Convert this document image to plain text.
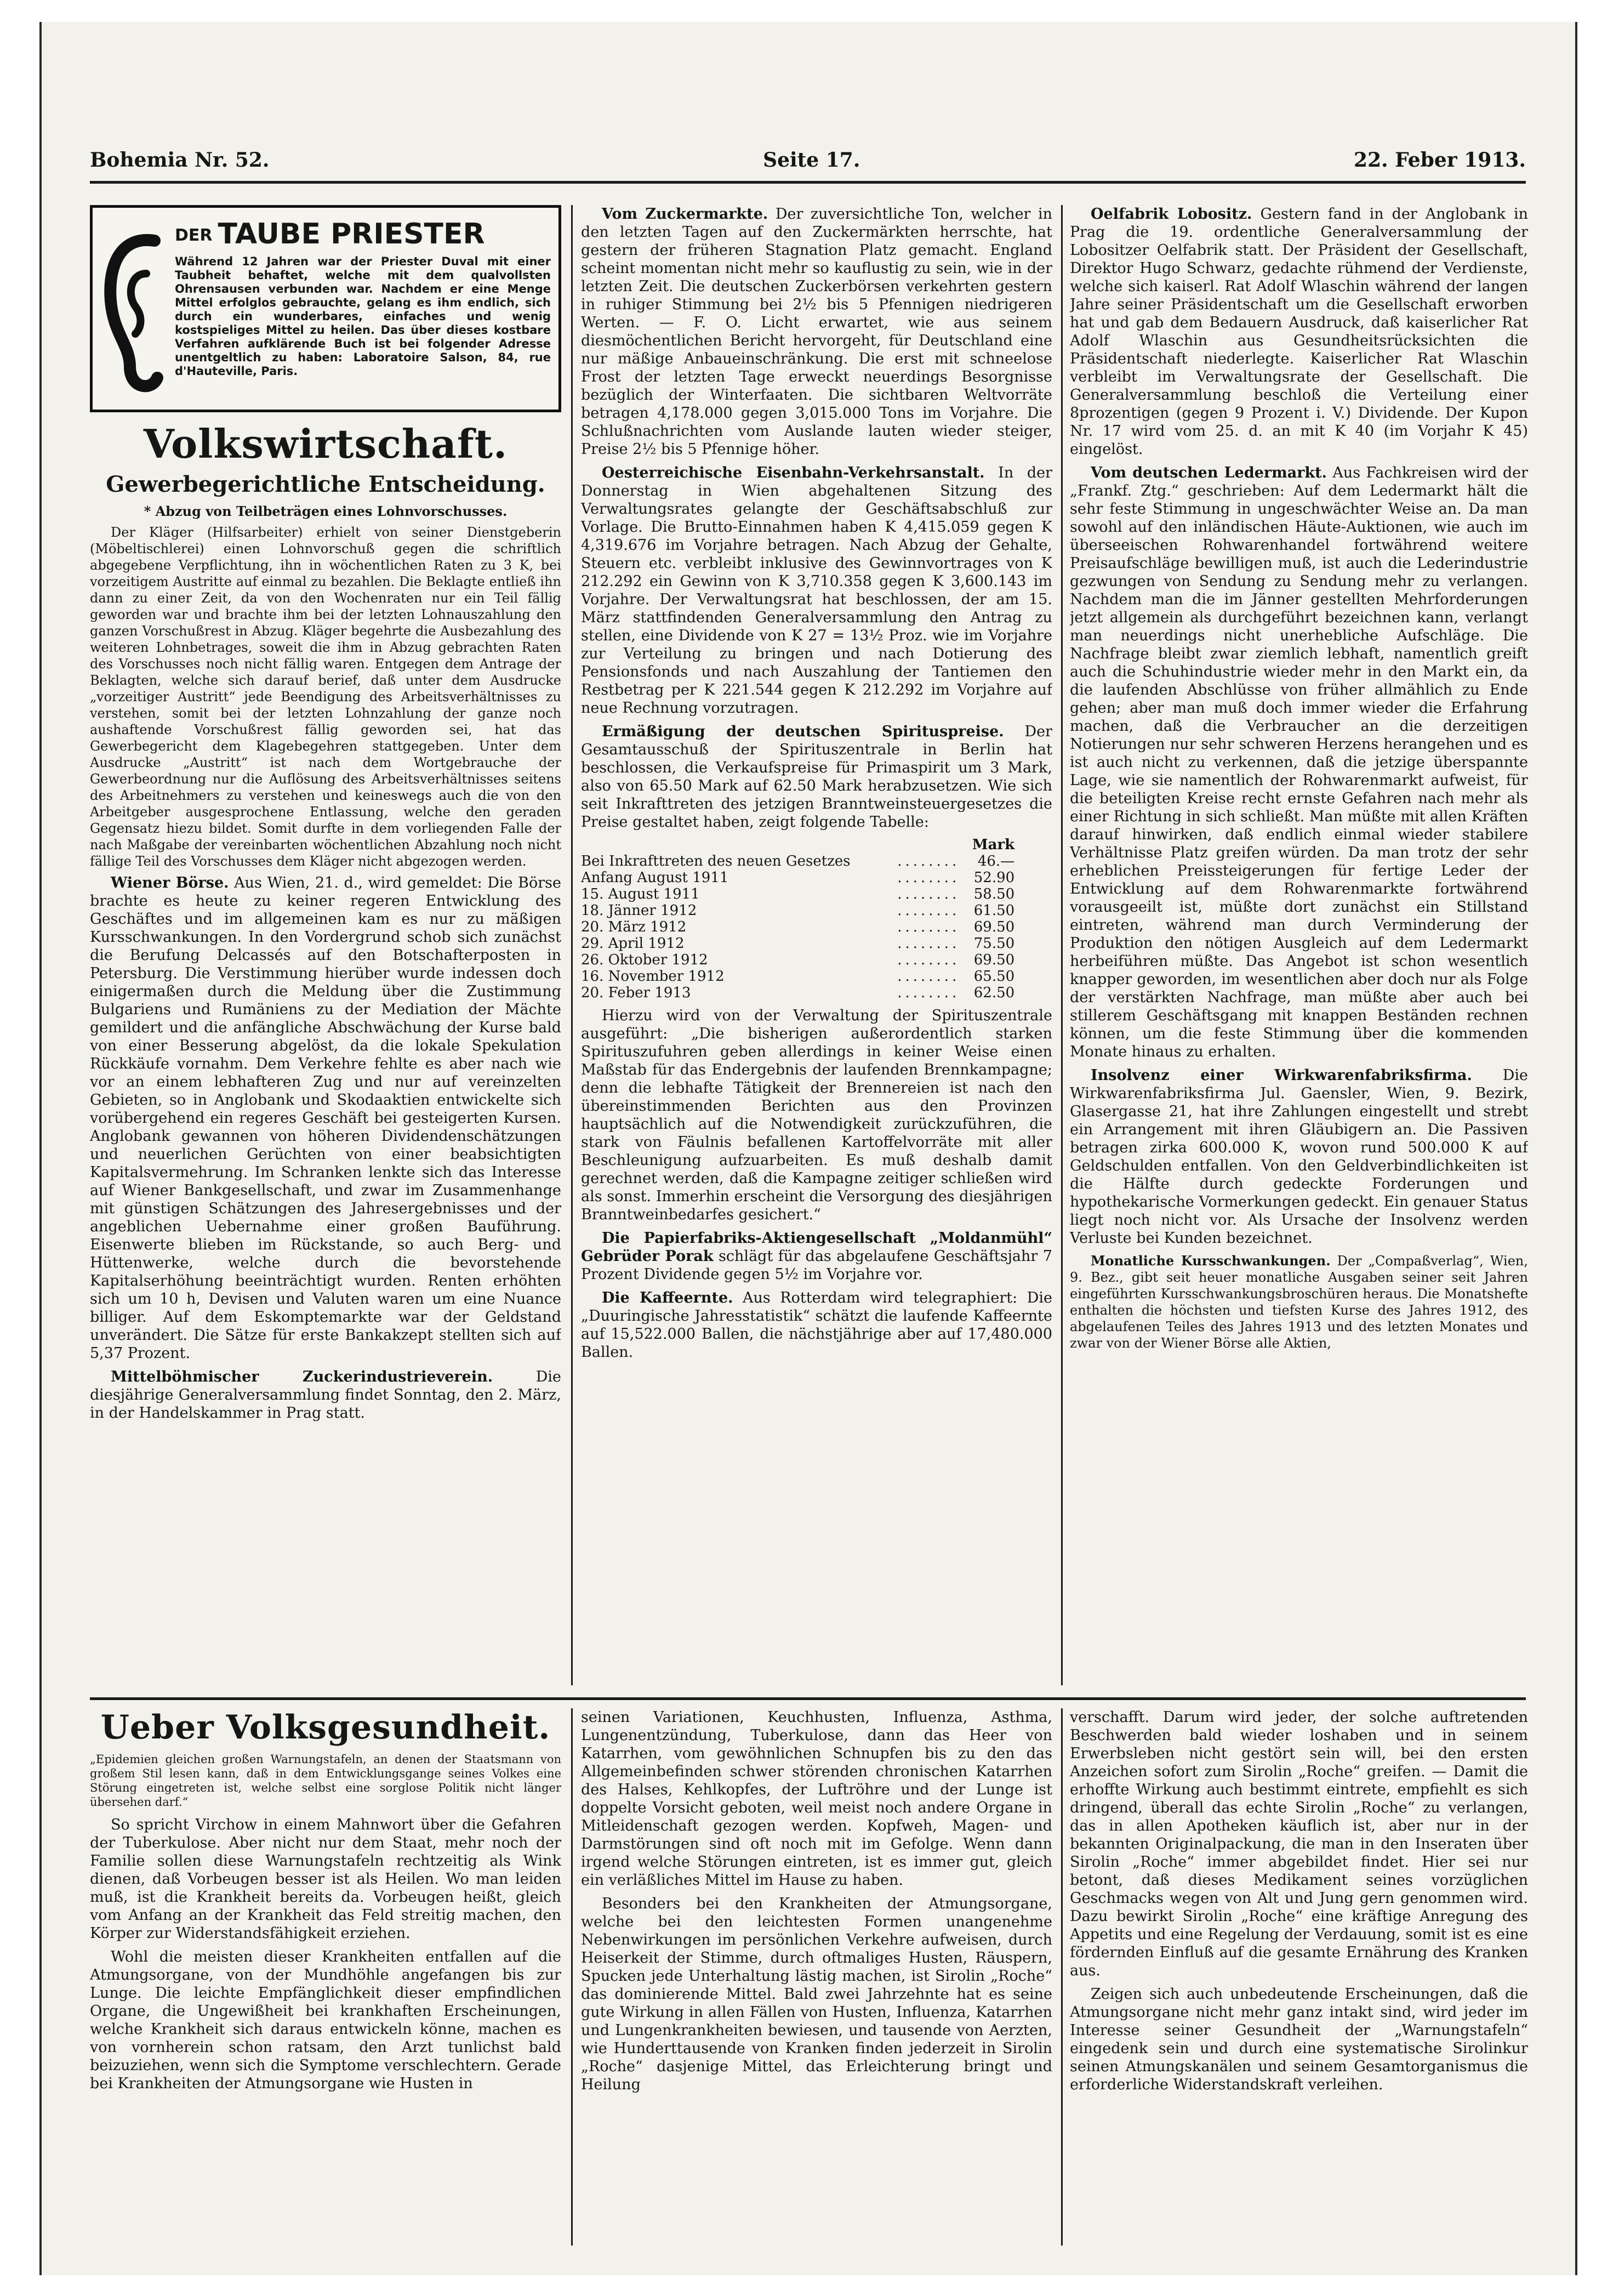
Bohemia Nr. 52.	Seite 17.	22. Feber 1913.
DER TAUBE PRIESTER
Während 12 Jahren war der Priester Duval mit einer Taubheit behaftet, welche mit dem qualvollsten Ohrensausen verbunden war. Nachdem er eine Menge Mittel erfolglos gebrauchte, gelang es ihm endlich, sich durch ein wunderbares, einfaches und wenig kostspieliges Mittel zu heilen. Das über dieses kostbare Verfahren aufklärende Buch ist bei folgender Adresse unentgeltlich zu haben: Laboratoire Salson, 84, rue d'Hauteville, Paris.
Volkswirtschaft.
Gewerbegerichtliche Entscheidung.

* Abzug von Teilbeträgen eines Lohnvorschusses.

Der Kläger (Hilfsarbeiter) erhielt von seiner Dienstgeberin (Möbeltischlerei) einen Lohnvorschuß gegen die schriftlich abgegebene Verpflichtung, ihn in wöchentlichen Raten zu 3 K, bei vorzeitigem Austritte auf einmal zu bezahlen. Die Beklagte entließ ihn dann zu einer Zeit, da von den Wochenraten nur ein Teil fällig geworden war und brachte ihm bei der letzten Lohnauszahlung den ganzen Vorschußrest in Abzug. Kläger begehrte die Ausbezahlung des weiteren Lohnbetrages, soweit die ihm in Abzug gebrachten Raten des Vorschusses noch nicht fällig waren. Entgegen dem Antrage der Beklagten, welche sich darauf berief, daß unter dem Ausdrucke „vorzeitiger Austritt“ jede Beendigung des Arbeitsverhältnisses zu verstehen, somit bei der letzten Lohnzahlung der ganze noch aushaftende Vorschußrest fällig geworden sei, hat das Gewerbegericht dem Klagebegehren stattgegeben. Unter dem Ausdrucke „Austritt“ ist nach dem Wortgebrauche der Gewerbeordnung nur die Auflösung des Arbeitsverhältnisses seitens des Arbeitnehmers zu verstehen und keineswegs auch die von den Arbeitgeber ausgesprochene Entlassung, welche den geraden Gegensatz hiezu bildet. Somit durfte in dem vorliegenden Falle der nach Maßgabe der vereinbarten wöchentlichen Abzahlung noch nicht fällige Teil des Vorschusses dem Kläger nicht abgezogen werden.

Wiener Börse. Aus Wien, 21. d., wird gemeldet: Die Börse brachte es heute zu keiner regeren Entwicklung des Geschäftes und im allgemeinen kam es nur zu mäßigen Kursschwankungen. In den Vordergrund schob sich zunächst die Berufung Delcassés auf den Botschafterposten in Petersburg. Die Verstimmung hierüber wurde indessen doch einigermaßen durch die Meldung über die Zustimmung Bulgariens und Rumäniens zu der Mediation der Mächte gemildert und die anfängliche Abschwächung der Kurse bald von einer Besserung abgelöst, da die lokale Spekulation Rückkäufe vornahm. Dem Verkehre fehlte es aber nach wie vor an einem lebhafteren Zug und nur auf vereinzelten Gebieten, so in Anglobank und Skodaaktien entwickelte sich vorübergehend ein regeres Geschäft bei gesteigerten Kursen. Anglobank gewannen von höheren Dividendenschätzungen und neuerlichen Gerüchten von einer beabsichtigten Kapitalsvermehrung. Im Schranken lenkte sich das Interesse auf Wiener Bankgesellschaft, und zwar im Zusammenhange mit günstigen Schätzungen des Jahresergebnisses und der angeblichen Uebernahme einer großen Bauführung. Eisenwerte blieben im Rückstande, so auch Berg- und Hüttenwerke, welche durch die bevorstehende Kapitalserhöhung beeinträchtigt wurden. Renten erhöhten sich um 10 h, Devisen und Valuten waren um eine Nuance billiger. Auf dem Eskomptemarkte war der Geldstand unverändert. Die Sätze für erste Bankakzept stellten sich auf 5,37 Prozent.

Mittelböhmischer Zuckerindustrieverein.	Die diesjährige Generalversammlung findet Sonntag, den 2. März, in der Handelskammer in Prag statt.

Vom Zuckermarkte. Der zuversichtliche Ton, welcher in den letzten Tagen auf den Zuckermärkten herrschte, hat gestern der früheren Stagnation Platz gemacht. England scheint momentan nicht mehr so kauflustig zu sein, wie in der letzten Zeit. Die deutschen Zuckerbörsen verkehrten gestern in ruhiger Stimmung bei 2½ bis 5 Pfennigen niedrigeren Werten. — F. O. Licht erwartet, wie aus seinem diesmöchentlichen Bericht hervorgeht, für Deutschland eine nur mäßige Anbaueinschränkung. Die erst mit schneelose Frost der letzten Tage erweckt neuerdings Besorgnisse bezüglich der Winterfaaten. Die sichtbaren Weltvorräte betragen 4,178.000 gegen 3,015.000 Tons im Vorjahre. Die Schlußnachrichten vom Auslande lauten wieder steiger, Preise 2½ bis 5 Pfennige höher.

Oesterreichische Eisenbahn-Verkehrsanstalt. In der Donnerstag in Wien abgehaltenen Sitzung des Verwaltungsrates gelangte der Geschäftsabschluß zur Vorlage. Die Brutto-Einnahmen haben K 4,415.059 gegen K 4,319.676 im Vorjahre betragen. Nach Abzug der Gehalte, Steuern etc. verbleibt inklusive des Gewinnvortrages von K 212.292 ein Gewinn von K 3,710.358 gegen K 3,600.143 im Vorjahre. Der Verwaltungsrat hat beschlossen, der am 15. März stattfindenden Generalversammlung den Antrag zu stellen, eine Dividende von K 27 = 13½ Proz. wie im Vorjahre zur Verteilung zu bringen und nach Dotierung des Pensionsfonds und nach Auszahlung der Tantiemen den Restbetrag per K 221.544 gegen K 212.292 im Vorjahre auf neue Rechnung vorzutragen.

Ermäßigung der deutschen Spirituspreise. Der Gesamtausschuß der Spirituszentrale in Berlin hat beschlossen, die Verkaufspreise für Primaspirit um 3 Mark, also von 65.50 Mark auf 62.50 Mark herabzusetzen. Wie sich seit Inkrafttreten des jetzigen Branntweinsteuergesetzes die Preise gestaltet haben, zeigt folgende Tabelle:

		Mark
Bei Inkrafttreten des neuen Gesetzes	........	46.—
Anfang August 1911	........	52.90
15. August 1911	........	58.50
18. Jänner 1912	........	61.50
20. März 1912	........	69.50
29. April 1912	........	75.50
26. Oktober 1912	........	69.50
16. November 1912	........	65.50
20. Feber 1913	........	62.50

Hierzu wird von der Verwaltung der Spirituszentrale ausgeführt: „Die bisherigen außerordentlich starken Spirituszufuhren geben allerdings in keiner Weise einen Maßstab für das Endergebnis der laufenden Brennkampagne; denn die lebhafte Tätigkeit der Brennereien ist nach den übereinstimmenden Berichten aus den Provinzen hauptsächlich auf die Notwendigkeit zurückzuführen, die stark von Fäulnis befallenen Kartoffelvorräte mit aller Beschleunigung aufzuarbeiten. Es muß deshalb damit gerechnet werden, daß die Kampagne zeitiger schließen wird als sonst. Immerhin erscheint die Versorgung des diesjährigen Branntweinbedarfes gesichert.“

Die Papierfabriks-Aktiengesellschaft „Moldanmühl“ Gebrüder Porak schlägt für das abgelaufene Geschäftsjahr 7 Prozent Dividende gegen 5½ im Vorjahre vor.

Die Kaffeernte. Aus Rotterdam wird telegraphiert: Die „Duuringische Jahresstatistik“ schätzt die laufende Kaffeernte auf 15,522.000 Ballen, die nächstjährige aber auf 17,480.000 Ballen.

Oelfabrik Lobositz. Gestern fand in der Anglobank in Prag die 19. ordentliche Generalversammlung der Lobositzer Oelfabrik statt. Der Präsident der Gesellschaft, Direktor Hugo Schwarz, gedachte rühmend der Verdienste, welche sich kaiserl. Rat Adolf Wlaschin während der langen Jahre seiner Präsidentschaft um die Gesellschaft erworben hat und gab dem Bedauern Ausdruck, daß kaiserlicher Rat Adolf Wlaschin aus Gesundheitsrücksichten die Präsidentschaft niederlegte. Kaiserlicher Rat Wlaschin verbleibt im Verwaltungsrate der Gesellschaft. Die Generalversammlung beschloß die Verteilung einer 8prozentigen (gegen 9 Prozent i. V.) Dividende. Der Kupon Nr. 17 wird vom 25. d. an mit K 40 (im Vorjahr K 45) eingelöst.

Vom deutschen Ledermarkt. Aus Fachkreisen wird der „Frankf. Ztg.“ geschrieben: Auf dem Ledermarkt hält die sehr feste Stimmung in ungeschwächter Weise an. Da man sowohl auf den inländischen Häute-Auktionen, wie auch im überseeischen Rohwarenhandel fortwährend weitere Preisaufschläge bewilligen muß, ist auch die Lederindustrie gezwungen von Sendung zu Sendung mehr zu verlangen. Nachdem man die im Jänner gestellten Mehrforderungen jetzt allgemein als durchgeführt bezeichnen kann, verlangt man neuerdings nicht unerhebliche Aufschläge. Die Nachfrage bleibt zwar ziemlich lebhaft, namentlich greift auch die Schuhindustrie wieder mehr in den Markt ein, da die laufenden Abschlüsse von früher allmählich zu Ende gehen; aber man muß doch immer wieder die Erfahrung machen, daß die Verbraucher an die derzeitigen Notierungen nur sehr schweren Herzens herangehen und es ist auch nicht zu verkennen, daß die jetzige überspannte Lage, wie sie namentlich der Rohwarenmarkt aufweist, für die beteiligten Kreise recht ernste Gefahren nach mehr als einer Richtung in sich schließt. Man müßte mit allen Kräften darauf hinwirken, daß endlich einmal wieder stabilere Verhältnisse Platz greifen würden. Da man trotz der sehr erheblichen Preissteigerungen für fertige Leder der Entwicklung auf dem Rohwarenmarkte fortwährend vorausgeeilt ist, müßte dort zunächst ein Stillstand eintreten, während man durch Verminderung der Produktion den nötigen Ausgleich auf dem Ledermarkt herbeiführen müßte. Das Angebot ist schon wesentlich knapper geworden, im wesentlichen aber doch nur als Folge der verstärkten Nachfrage, man müßte aber auch bei stillerem Geschäftsgang mit knappen Beständen rechnen können, um die feste Stimmung über die kommenden Monate hinaus zu erhalten.

Insolvenz einer Wirkwarenfabriksfirma. Die Wirkwarenfabriksfirma Jul. Gaensler, Wien, 9. Bezirk, Glasergasse 21, hat ihre Zahlungen eingestellt und strebt ein Arrangement mit ihren Gläubigern an. Die Passiven betragen zirka 600.000 K, wovon rund 500.000 K auf Geldschulden entfallen. Von den Geldverbindlichkeiten ist die Hälfte durch gedeckte Forderungen und hypothekarische Vormerkungen gedeckt. Ein genauer Status liegt noch nicht vor. Als Ursache der Insolvenz werden Verluste bei Kunden bezeichnet.

Monatliche Kursschwankungen. Der „Compaßverlag“, Wien, 9. Bez., gibt seit heuer monatliche Ausgaben seiner seit Jahren eingeführten Kursschwankungsbroschüren heraus. Die Monatshefte enthalten die höchsten und tiefsten Kurse des Jahres 1912, des abgelaufenen Teiles des Jahres 1913 und des letzten Monates und zwar von der Wiener Börse alle Aktien,

Ueber Volksgesundheit.
„Epidemien gleichen großen Warnungstafeln, an denen der Staatsmann von großem Stil lesen kann, daß in dem Entwicklungsgange seines Volkes eine Störung eingetreten ist, welche selbst eine sorglose Politik nicht länger übersehen darf.“

So spricht Virchow in einem Mahnwort über die Gefahren der Tuberkulose. Aber nicht nur dem Staat, mehr noch der Familie sollen diese Warnungstafeln rechtzeitig als Wink dienen, daß Vorbeugen besser ist als Heilen. Wo man leiden muß, ist die Krankheit bereits da. Vorbeugen heißt, gleich vom Anfang an der Krankheit das Feld streitig machen, den Körper zur Widerstandsfähigkeit erziehen.

Wohl die meisten dieser Krankheiten entfallen auf die Atmungsorgane, von der Mundhöhle angefangen bis zur Lunge. Die leichte Empfänglichkeit dieser empfindlichen Organe, die Ungewißheit bei krankhaften Erscheinungen, welche Krankheit sich daraus entwickeln könne, machen es von vornherein schon ratsam, den Arzt tunlichst bald beizuziehen, wenn sich die Symptome verschlechtern. Gerade bei Krankheiten der Atmungsorgane wie Husten in

seinen Variationen, Keuchhusten, Influenza, Asthma, Lungenentzündung, Tuberkulose, dann das Heer von Katarrhen, vom gewöhnlichen Schnupfen bis zu den das Allgemeinbefinden schwer störenden chronischen Katarrhen des Halses, Kehlkopfes, der Luftröhre und der Lunge ist doppelte Vorsicht geboten, weil meist noch andere Organe in Mitleidenschaft gezogen werden. Kopfweh, Magen- und Darmstörungen sind oft noch mit im Gefolge. Wenn dann irgend welche Störungen eintreten, ist es immer gut, gleich ein verläßliches Mittel im Hause zu haben.

Besonders bei den Krankheiten der Atmungsorgane, welche bei den leichtesten Formen unangenehme Nebenwirkungen im persönlichen Verkehre aufweisen, durch Heiserkeit der Stimme, durch oftmaliges Husten, Räuspern, Spucken jede Unterhaltung lästig machen, ist Sirolin „Roche“ das dominierende Mittel. Bald zwei Jahrzehnte hat es seine gute Wirkung in allen Fällen von Husten, Influenza, Katarrhen und Lungenkrankheiten bewiesen, und tausende von Aerzten, wie Hunderttausende von Kranken finden jederzeit in Sirolin „Roche“ dasjenige Mittel, das Erleichterung bringt und Heilung

verschafft. Darum wird jeder, der solche auftretenden Beschwerden bald wieder loshaben und in seinem Erwerbsleben nicht gestört sein will, bei den ersten Anzeichen sofort zum Sirolin „Roche“ greifen. — Damit die erhoffte Wirkung auch bestimmt eintrete, empfiehlt es sich dringend, überall das echte Sirolin „Roche“ zu verlangen, das in allen Apotheken käuflich ist, aber nur in der bekannten Originalpackung, die man in den Inseraten über Sirolin „Roche“ immer abgebildet findet. Hier sei nur betont, daß dieses Medikament seines vorzüglichen Geschmacks wegen von Alt und Jung gern genommen wird. Dazu bewirkt Sirolin „Roche“ eine kräftige Anregung des Appetits und eine Regelung der Verdauung, somit ist es eine fördernden Einfluß auf die gesamte Ernährung des Kranken aus.

Zeigen sich auch unbedeutende Erscheinungen, daß die Atmungsorgane nicht mehr ganz intakt sind, wird jeder im Interesse seiner Gesundheit der „Warnungstafeln“ eingedenk sein und durch eine systematische Sirolinkur seinen Atmungskanälen und seinem Gesamtorganismus die erforderliche Widerstandskraft verleihen.
